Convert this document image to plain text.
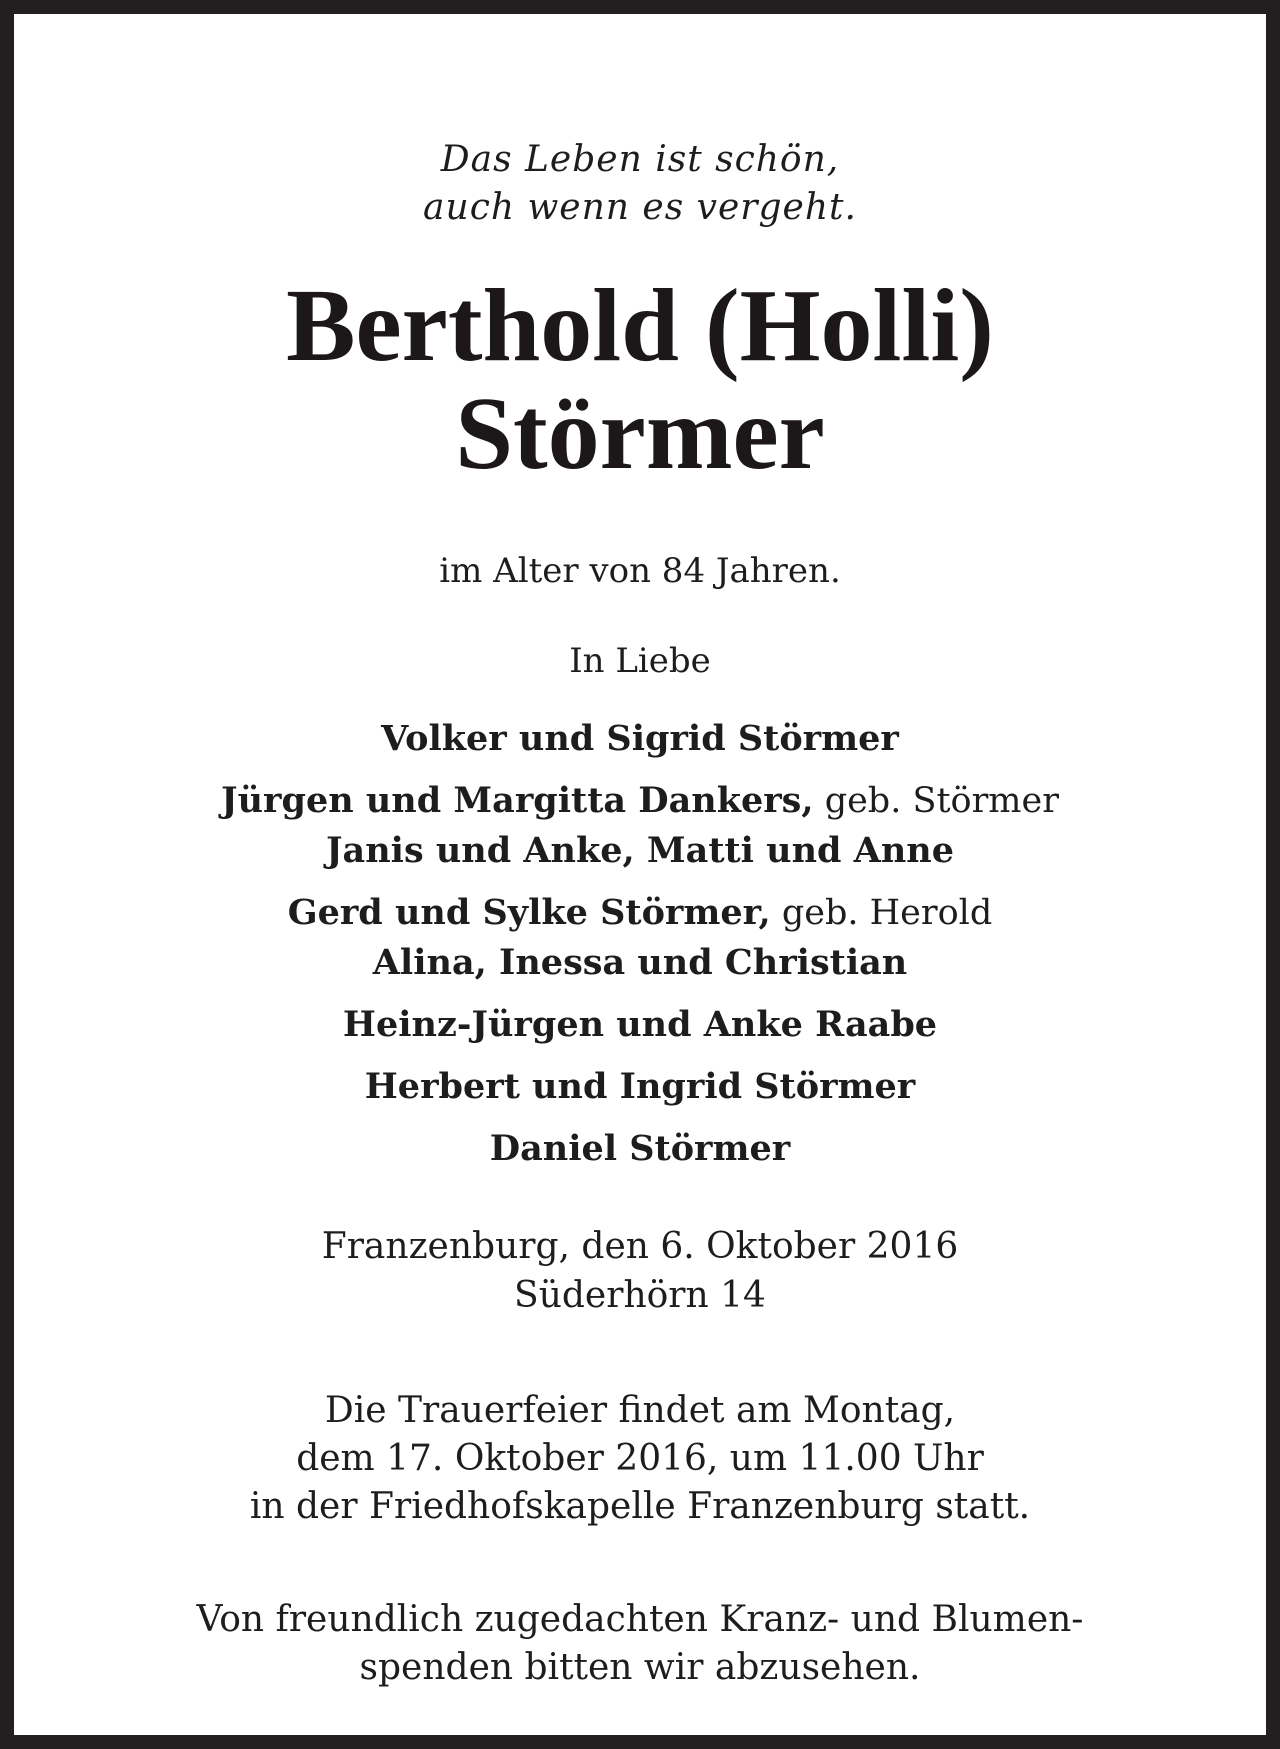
Das Leben ist schön,
auch wenn es vergeht.
Berthold (Holli)
Störmer
im Alter von 84 Jahren.
In Liebe
Volker und Sigrid Störmer
Jürgen und Margitta Dankers, geb. Störmer
Janis und Anke, Matti und Anne
Gerd und Sylke Störmer, geb. Herold
Alina, Inessa und Christian
Heinz-Jürgen und Anke Raabe
Herbert und Ingrid Störmer
Daniel Störmer
Franzenburg, den 6. Oktober 2016
Süderhörn 14
Die Trauerfeier findet am Montag,
dem 17. Oktober 2016, um 11.00 Uhr
in der Friedhofskapelle Franzenburg statt.
Von freundlich zugedachten Kranz- und Blumen-
spenden bitten wir abzusehen.
